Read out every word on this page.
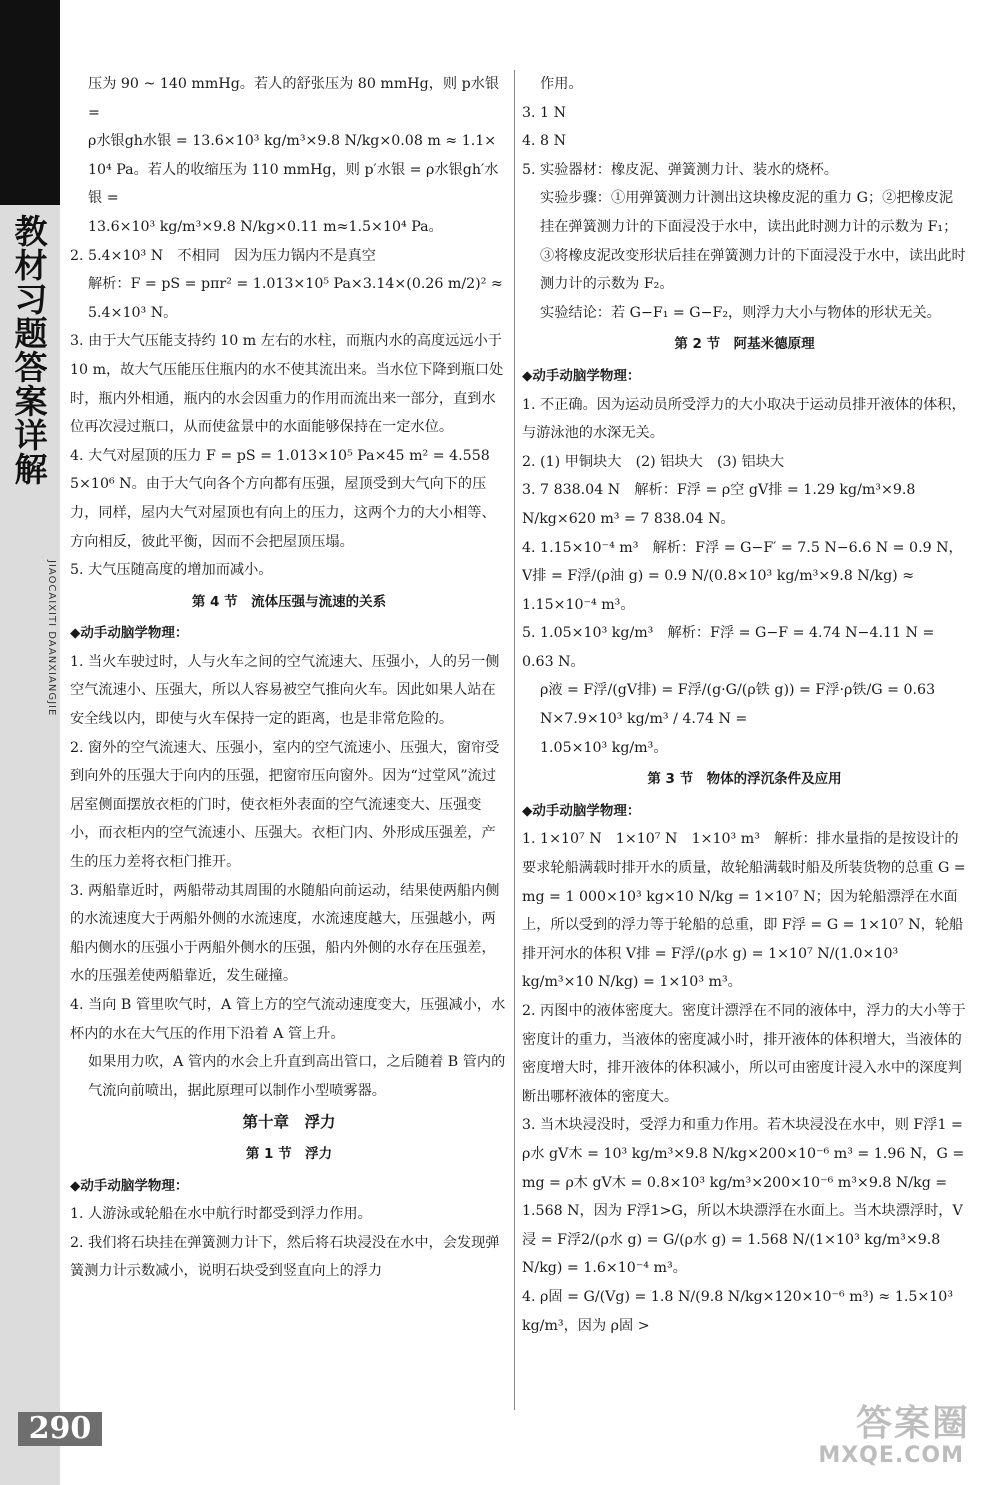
教
材
习
题
答
案
详
解
JIAOCAIXITI DAANXIANGJIE
290
压为 90 ~ 140 mmHg。若人的舒张压为 80 mmHg，则 p水银 =
ρ水银gh水银 = 13.6×10³ kg/m³×9.8 N/kg×0.08 m ≈ 1.1×
10⁴ Pa。若人的收缩压为 110 mmHg，则 p′水银 = ρ水银gh′水银 =
13.6×10³ kg/m³×9.8 N/kg×0.11 m≈1.5×10⁴ Pa。
2. 5.4×10³ N　不相同　因为压力锅内不是真空
解析：F = pS = pπr² = 1.013×10⁵ Pa×3.14×(0.26 m/2)² ≈
5.4×10³ N。
3. 由于大气压能支持约 10 m 左右的水柱，而瓶内水的高度远远小于 10 m，故大气压能压住瓶内的水不使其流出来。当水位下降到瓶口处时，瓶内外相通，瓶内的水会因重力的作用而流出来一部分，直到水位再次浸过瓶口，从而使盆景中的水面能够保持在一定水位。
4. 大气对屋顶的压力 F = pS = 1.013×10⁵ Pa×45 m² = 4.558 5×10⁶ N。由于大气向各个方向都有压强，屋顶受到大气向下的压力，同样，屋内大气对屋顶也有向上的压力，这两个力的大小相等、方向相反，彼此平衡，因而不会把屋顶压塌。
5. 大气压随高度的增加而减小。
第 4 节　流体压强与流速的关系
◆动手动脑学物理：
1. 当火车驶过时，人与火车之间的空气流速大、压强小，人的另一侧空气流速小、压强大，所以人容易被空气推向火车。因此如果人站在安全线以内，即使与火车保持一定的距离，也是非常危险的。
2. 窗外的空气流速大、压强小，室内的空气流速小、压强大，窗帘受到向外的压强大于向内的压强，把窗帘压向窗外。因为“过堂风”流过居室侧面摆放衣柜的门时，使衣柜外表面的空气流速变大、压强变小，而衣柜内的空气流速小、压强大。衣柜门内、外形成压强差，产生的压力差将衣柜门推开。
3. 两船靠近时，两船带动其周围的水随船向前运动，结果使两船内侧的水流速度大于两船外侧的水流速度，水流速度越大，压强越小，两船内侧水的压强小于两船外侧水的压强，船内外侧的水存在压强差，水的压强差使两船靠近，发生碰撞。
4. 当向 B 管里吹气时，A 管上方的空气流动速度变大，压强减小，水杯内的水在大气压的作用下沿着 A 管上升。
如果用力吹，A 管内的水会上升直到高出管口，之后随着 B 管内的气流向前喷出，据此原理可以制作小型喷雾器。
第十章　浮力
第 1 节　浮力
◆动手动脑学物理：
1. 人游泳或轮船在水中航行时都受到浮力作用。
2. 我们将石块挂在弹簧测力计下，然后将石块浸没在水中，会发现弹簧测力计示数减小，说明石块受到竖直向上的浮力
作用。
3. 1 N
4. 8 N
5. 实验器材：橡皮泥、弹簧测力计、装水的烧杯。
实验步骤：①用弹簧测力计测出这块橡皮泥的重力 G；②把橡皮泥挂在弹簧测力计的下面浸没于水中，读出此时测力计的示数为 F₁；③将橡皮泥改变形状后挂在弹簧测力计的下面浸没于水中，读出此时测力计的示数为 F₂。
实验结论：若 G−F₁ = G−F₂，则浮力大小与物体的形状无关。
第 2 节　阿基米德原理
◆动手动脑学物理：
1. 不正确。因为运动员所受浮力的大小取决于运动员排开液体的体积，与游泳池的水深无关。
2. (1) 甲铜块大　(2) 铝块大　(3) 铝块大
3. 7 838.04 N　解析：F浮 = ρ空 gV排 = 1.29 kg/m³×9.8 N/kg×620 m³ = 7 838.04 N。
4. 1.15×10⁻⁴ m³　解析：F浮 = G−F′ = 7.5 N−6.6 N = 0.9 N，V排 = F浮/(ρ油 g) = 0.9 N/(0.8×10³ kg/m³×9.8 N/kg) ≈ 1.15×10⁻⁴ m³。
5. 1.05×10³ kg/m³　解析：F浮 = G−F = 4.74 N−4.11 N = 0.63 N。
ρ液 = F浮/(gV排) = F浮/(g·G/(ρ铁 g)) = F浮·ρ铁/G = 0.63 N×7.9×10³ kg/m³ / 4.74 N =
1.05×10³ kg/m³。
第 3 节　物体的浮沉条件及应用
◆动手动脑学物理：
1. 1×10⁷ N　1×10⁷ N　1×10³ m³　解析：排水量指的是按设计的要求轮船满载时排开水的质量，故轮船满载时船及所装货物的总重 G = mg = 1 000×10³ kg×10 N/kg = 1×10⁷ N；因为轮船漂浮在水面上，所以受到的浮力等于轮船的总重，即 F浮 = G = 1×10⁷ N，轮船排开河水的体积 V排 = F浮/(ρ水 g) = 1×10⁷ N/(1.0×10³ kg/m³×10 N/kg) = 1×10³ m³。
2. 丙图中的液体密度大。密度计漂浮在不同的液体中，浮力的大小等于密度计的重力，当液体的密度减小时，排开液体的体积增大，当液体的密度增大时，排开液体的体积减小，所以可由密度计浸入水中的深度判断出哪杯液体的密度大。
3. 当木块浸没时，受浮力和重力作用。若木块浸没在水中，则 F浮1 = ρ水 gV木 = 10³ kg/m³×9.8 N/kg×200×10⁻⁶ m³ = 1.96 N，G = mg = ρ木 gV木 = 0.8×10³ kg/m³×200×10⁻⁶ m³×9.8 N/kg = 1.568 N，因为 F浮1>G，所以木块漂浮在水面上。当木块漂浮时，V浸 = F浮2/(ρ水 g) = G/(ρ水 g) = 1.568 N/(1×10³ kg/m³×9.8 N/kg) = 1.6×10⁻⁴ m³。
4. ρ固 = G/(Vg) = 1.8 N/(9.8 N/kg×120×10⁻⁶ m³) ≈ 1.5×10³ kg/m³，因为 ρ固 >
答案圈
MXQE.COM
